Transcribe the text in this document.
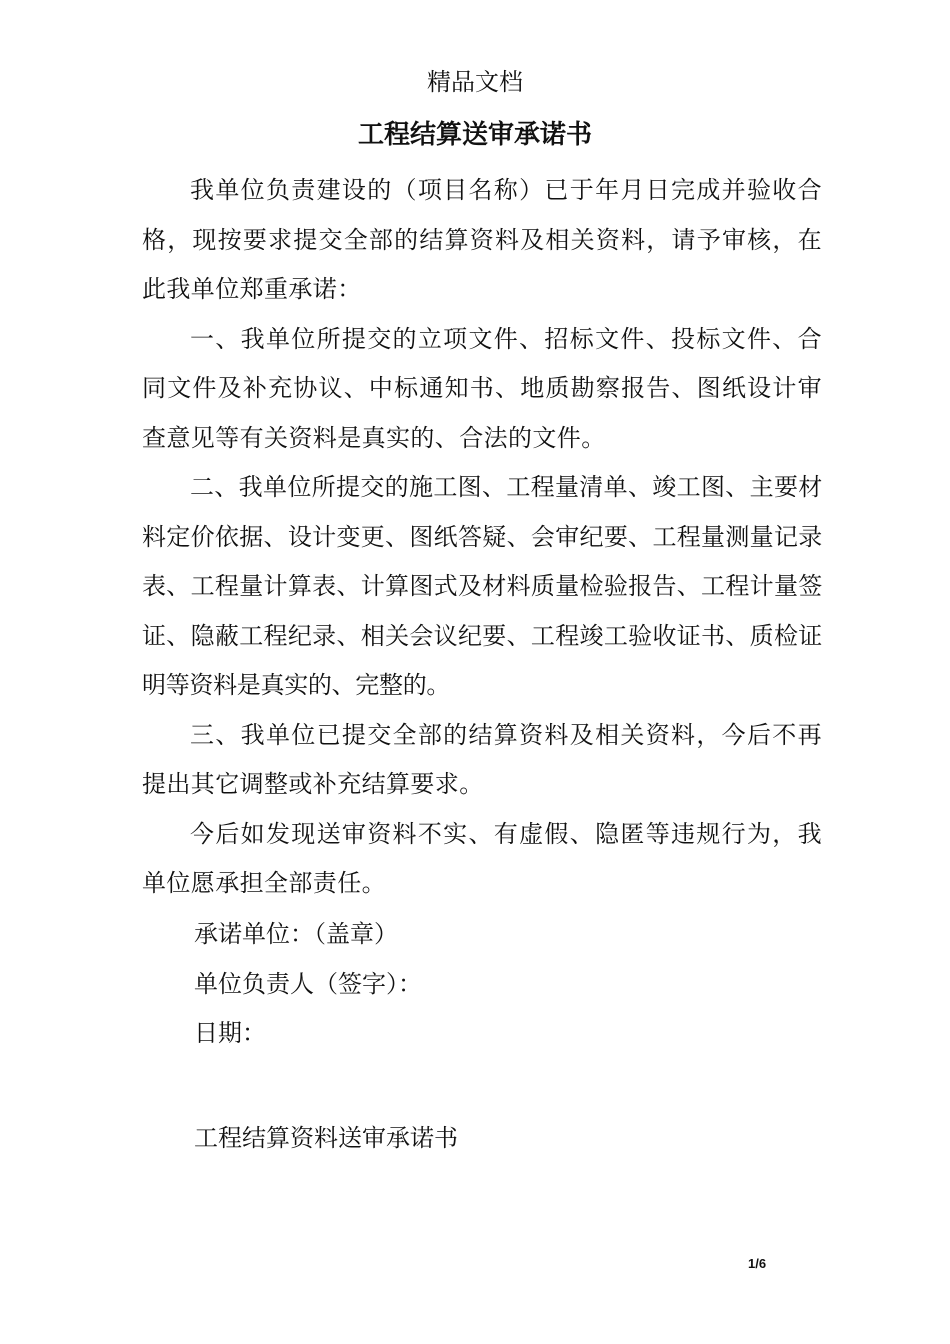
精品文档
工程结算送审承诺书

我单位负责建设的（项目名称）已于年月日完成并验收合格，现按要求提交全部的结算资料及相关资料，请予审核，在此我单位郑重承诺：

一、我单位所提交的立项文件、招标文件、投标文件、合同文件及补充协议、中标通知书、地质勘察报告、图纸设计审查意见等有关资料是真实的、合法的文件。

二、我单位所提交的施工图、工程量清单、竣工图、主要材料定价依据、设计变更、图纸答疑、会审纪要、工程量测量记录表、工程量计算表、计算图式及材料质量检验报告、工程计量签证、隐蔽工程纪录、相关会议纪要、工程竣工验收证书、质检证明等资料是真实的、完整的。

三、我单位已提交全部的结算资料及相关资料，今后不再提出其它调整或补充结算要求。

今后如发现送审资料不实、有虚假、隐匿等违规行为，我单位愿承担全部责任。

承诺单位：（盖章）
单位负责人（签字）：
日期：
工程结算资料送审承诺书
1/6
